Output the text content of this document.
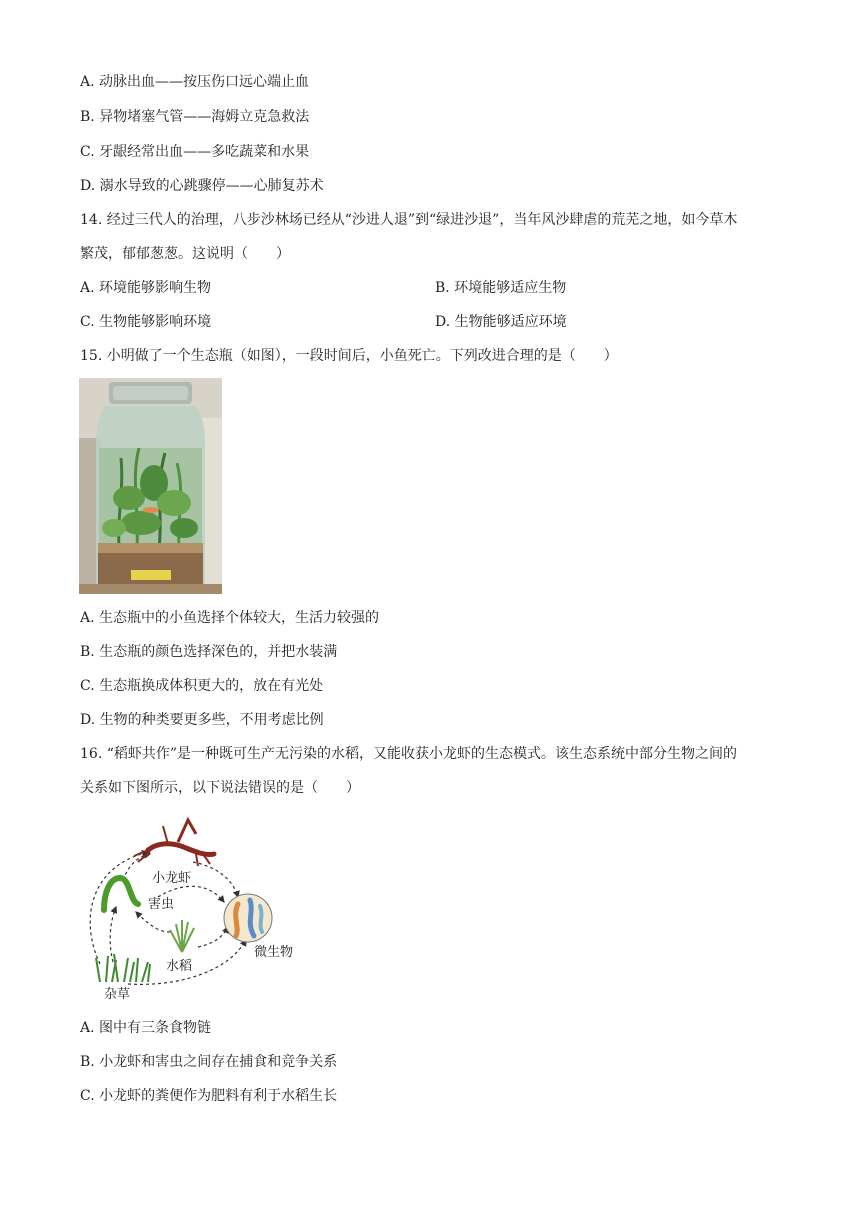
A. 动脉出血——按压伤口远心端止血
B. 异物堵塞气管——海姆立克急救法
C. 牙龈经常出血——多吃蔬菜和水果
D. 溺水导致的心跳骤停——心肺复苏术
14. 经过三代人的治理，八步沙林场已经从“沙进人退”到“绿进沙退”，当年风沙肆虐的荒芜之地，如今草木
繁茂，郁郁葱葱。这说明（　　）
A. 环境能够影响生物	B. 环境能够适应生物
C. 生物能够影响环境	D. 生物能够适应环境
15. 小明做了一个生态瓶（如图），一段时间后，小鱼死亡。下列改进合理的是（　　）
A. 生态瓶中的小鱼选择个体较大，生活力较强的
B. 生态瓶的颜色选择深色的，并把水装满
C. 生态瓶换成体积更大的，放在有光处
D. 生物的种类要更多些，不用考虑比例
16. “稻虾共作”是一种既可生产无污染的水稻，又能收获小龙虾的生态模式。该生态系统中部分生物之间的
关系如下图所示，以下说法错误的是（　　）
小龙虾
害虫
水稻
微生物
杂草
A. 图中有三条食物链
B. 小龙虾和害虫之间存在捕食和竞争关系
C. 小龙虾的粪便作为肥料有利于水稻生长
